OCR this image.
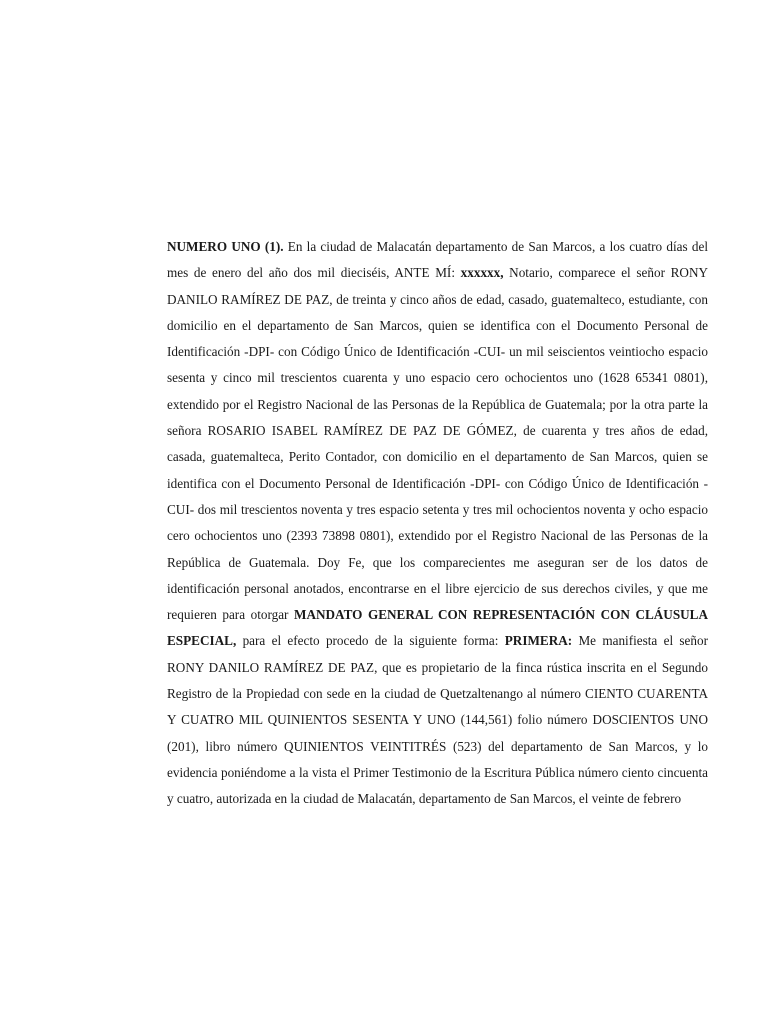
NUMERO UNO (1). En la ciudad de Malacatán departamento de San Marcos, a los cuatro días del mes de enero del año dos mil dieciséis, ANTE MÍ: xxxxxx, Notario, comparece el señor RONY DANILO RAMÍREZ DE PAZ, de treinta y cinco años de edad, casado, guatemalteco, estudiante, con domicilio en el departamento de San Marcos, quien se identifica con el Documento Personal de Identificación -DPI- con Código Único de Identificación -CUI- un mil seiscientos veintiocho espacio sesenta y cinco mil trescientos cuarenta y uno espacio cero ochocientos uno (1628 65341 0801), extendido por el Registro Nacional de las Personas de la República de Guatemala; por la otra parte la señora ROSARIO ISABEL RAMÍREZ DE PAZ DE GÓMEZ, de cuarenta y tres años de edad, casada, guatemalteca, Perito Contador, con domicilio en el departamento de San Marcos, quien se identifica con el Documento Personal de Identificación -DPI- con Código Único de Identificación -CUI- dos mil trescientos noventa y tres espacio setenta y tres mil ochocientos noventa y ocho espacio cero ochocientos uno (2393 73898 0801), extendido por el Registro Nacional de las Personas de la República de Guatemala. Doy Fe, que los comparecientes me aseguran ser de los datos de identificación personal anotados, encontrarse en el libre ejercicio de sus derechos civiles, y que me requieren para otorgar MANDATO GENERAL CON REPRESENTACIÓN CON CLÁUSULA ESPECIAL, para el efecto procedo de la siguiente forma: PRIMERA: Me manifiesta el señor RONY DANILO RAMÍREZ DE PAZ, que es propietario de la finca rústica inscrita en el Segundo Registro de la Propiedad con sede en la ciudad de Quetzaltenango al número CIENTO CUARENTA Y CUATRO MIL QUINIENTOS SESENTA Y UNO (144,561) folio número DOSCIENTOS UNO (201), libro número QUINIENTOS VEINTITRÉS (523) del departamento de San Marcos, y lo evidencia poniéndome a la vista el Primer Testimonio de la Escritura Pública número ciento cincuenta y cuatro, autorizada en la ciudad de Malacatán, departamento de San Marcos, el veinte de febrero
